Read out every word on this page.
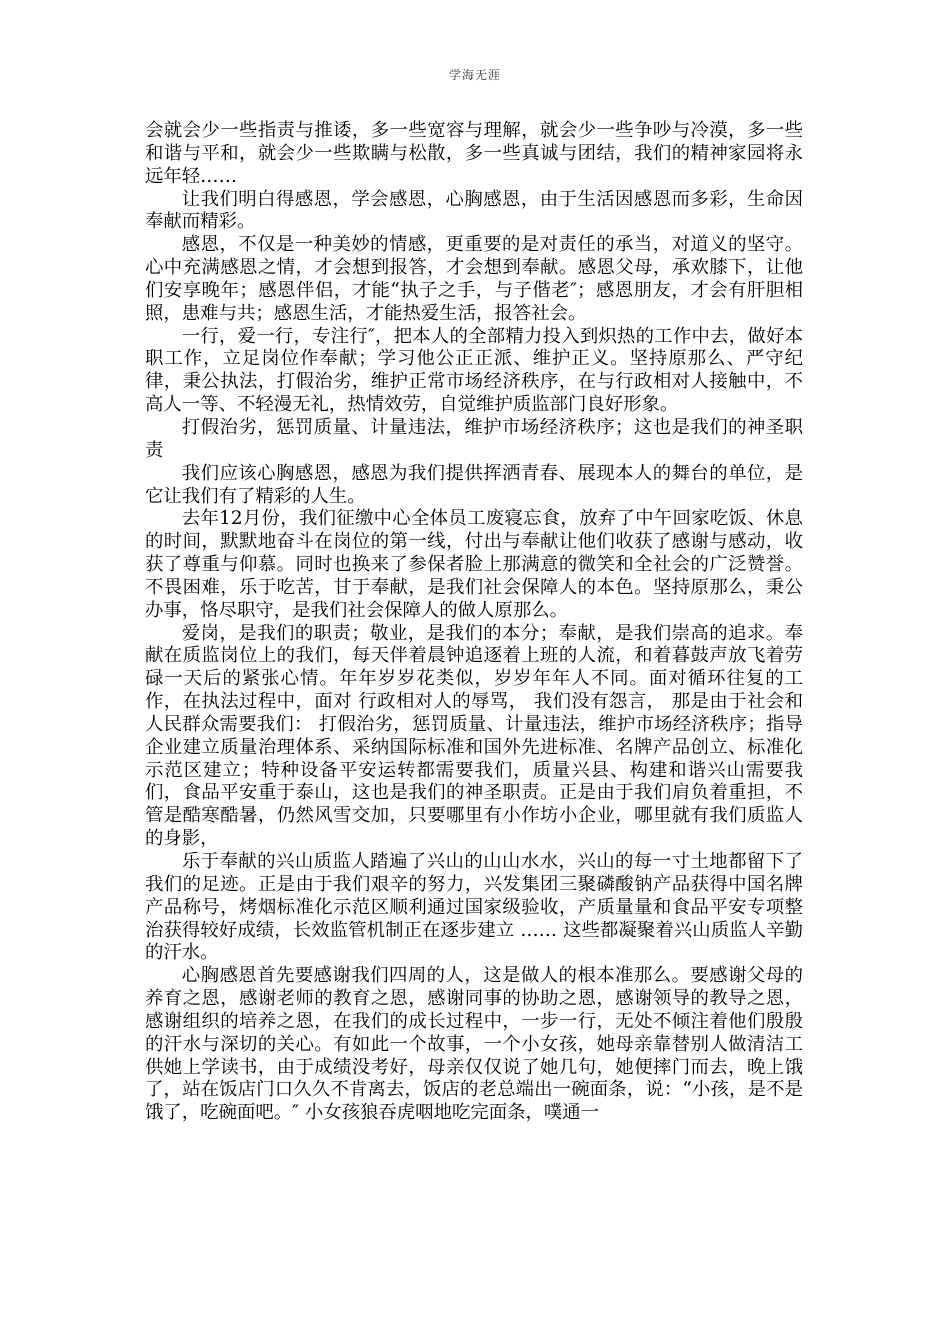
学海无涯

会就会少一些指责与推诿，多一些宽容与理解，就会少一些争吵与冷漠，多一些和谐与平和，就会少一些欺瞒与松散，多一些真诚与团结，我们的精神家园将永远年轻……

让我们明白得感恩，学会感恩，心胸感恩，由于生活因感恩而多彩，生命因奉献而精彩。

感恩，不仅是一种美妙的情感，更重要的是对责任的承当，对道义的坚守。心中充满感恩之情，才会想到报答，才会想到奉献。感恩父母，承欢膝下，让他们安享晚年；感恩伴侣，才能“执子之手，与子偕老″；感恩朋友，才会有肝胆相照，患难与共；感恩生活，才能热爱生活，报答社会。

一行，爱一行，专注行″，把本人的全部精力投入到炽热的工作中去，做好本职工作，立足岗位作奉献；学习他公正正派、维护正义。坚持原那么、严守纪律，秉公执法，打假治劣，维护正常市场经济秩序，在与行政相对人接触中，不高人一等、不轻漫无礼，热情效劳，自觉维护质监部门良好形象。

打假治劣，惩罚质量、计量违法，维护市场经济秩序；这也是我们的神圣职责

我们应该心胸感恩，感恩为我们提供挥洒青春、展现本人的舞台的单位，是它让我们有了精彩的人生。

去年12月份，我们征缴中心全体员工废寝忘食，放弃了中午回家吃饭、休息的时间，默默地奋斗在岗位的第一线，付出与奉献让他们收获了感谢与感动，收获了尊重与仰慕。同时也换来了参保者脸上那满意的微笑和全社会的广泛赞誉。不畏困难，乐于吃苦，甘于奉献，是我们社会保障人的本色。坚持原那么，秉公办事，恪尽职守，是我们社会保障人的做人原那么。

爱岗，是我们的职责；敬业，是我们的本分；奉献，是我们崇高的追求。奉献在质监岗位上的我们，每天伴着晨钟追逐着上班的人流，和着暮鼓声放飞着劳碌一天后的紧张心情。年年岁岁花类似，岁岁年年人不同。面对循环往复的工作，在执法过程中，面对 行政相对人的辱骂， 我们没有怨言， 那是由于社会和人民群众需要我们： 打假治劣，惩罚质量、计量违法，维护市场经济秩序；指导 企业建立质量治理体系、采纳国际标准和国外先进标准、名牌产品创立、标准化示范区建立；特种设备平安运转都需要我们，质量兴县、构建和谐兴山需要我们，食品平安重于泰山，这也是我们的神圣职责。正是由于我们肩负着重担，不管是酷寒酷暑，仍然风雪交加，只要哪里有小作坊小企业，哪里就有我们质监人的身影，

乐于奉献的兴山质监人踏遍了兴山的山山水水，兴山的每一寸土地都留下了我们的足迹。正是由于我们艰辛的努力，兴发集团三聚磷酸钠产品获得中国名牌产品称号，烤烟标准化示范区顺利通过国家级验收，产质量量和食品平安专项整治获得较好成绩，长效监管机制正在逐步建立 …… 这些都凝聚着兴山质监人辛勤的汗水。

心胸感恩首先要感谢我们四周的人，这是做人的根本准那么。要感谢父母的养育之恩，感谢老师的教育之恩，感谢同事的协助之恩，感谢领导的教导之恩，感谢组织的培养之恩，在我们的成长过程中，一步一行，无处不倾注着他们殷殷的汗水与深切的关心。有如此一个故事，一个小女孩，她母亲靠替别人做清洁工供她上学读书，由于成绩没考好，母亲仅仅说了她几句，她便摔门而去，晚上饿了，站在饭店门口久久不肯离去，饭店的老总端出一碗面条，说：“小孩，是不是饿了，吃碗面吧。″ 小女孩狼吞虎咽地吃完面条，噗通一
